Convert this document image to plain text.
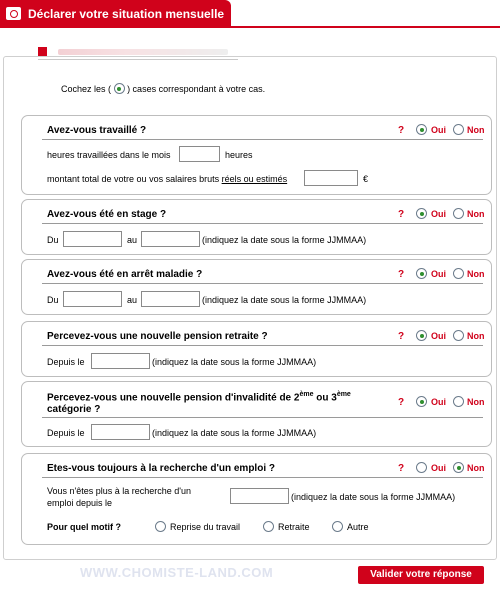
Déclarer votre situation mensuelle
Cochez les ( ) cases correspondant à votre cas.
Avez-vous travaillé ?	?	Oui Non
heures travaillées dans le mois	heures
montant total de votre ou vos salaires bruts réels ou estimés	€
Avez-vous été en stage ?	?	Oui Non
Du	au	(indiquez la date sous la forme JJMMAA)
Avez-vous été en arrêt maladie ?	?	Oui Non
Du	au	(indiquez la date sous la forme JJMMAA)
Percevez-vous une nouvelle pension retraite ?	?	Oui Non
Depuis le	(indiquez la date sous la forme JJMMAA)
Percevez-vous une nouvelle pension d'invalidité de 2ème ou 3ème
catégorie ?
?	Oui Non
Depuis le	(indiquez la date sous la forme JJMMAA)
Etes-vous toujours à la recherche d'un emploi ?	?	Oui Non
Vous n'êtes plus à la recherche d'un
emploi depuis le
(indiquez la date sous la forme JJMMAA)
Pour quel motif ?	Reprise du travail	Retraite	Autre
WWW.CHOMISTE-LAND.COM	Valider votre réponse
